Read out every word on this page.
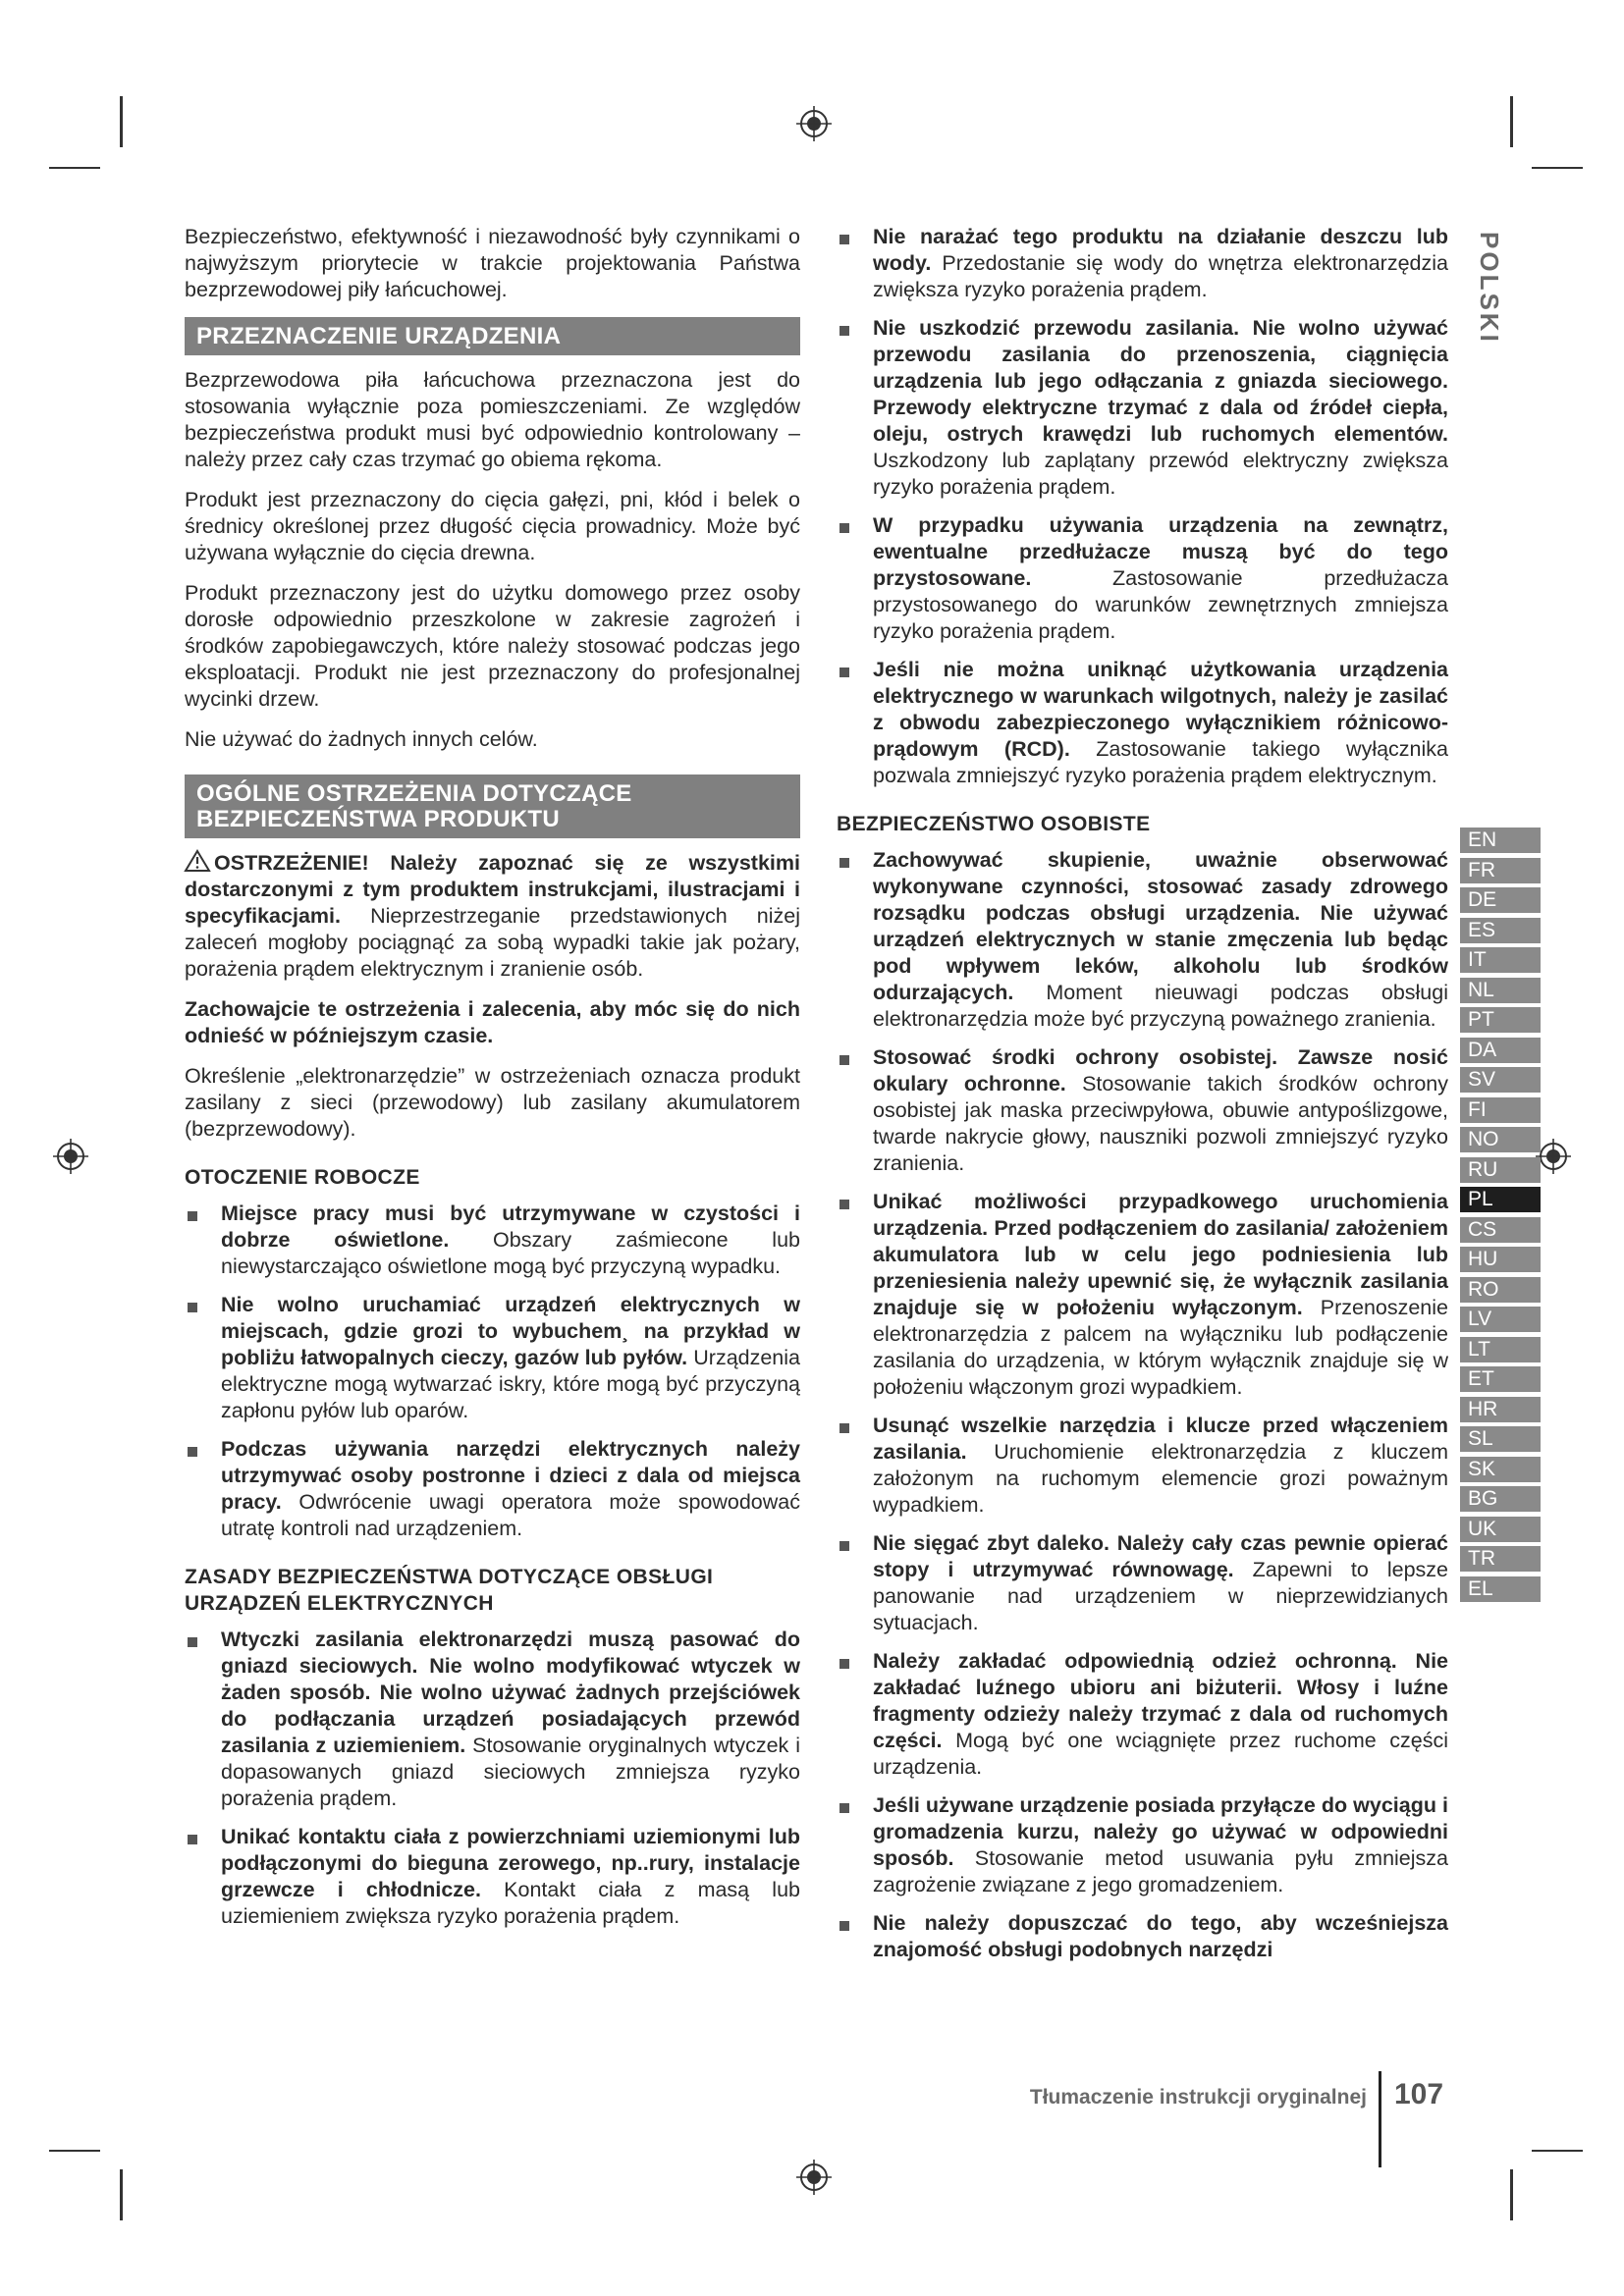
Bezpieczeństwo, efektywność i niezawodność były czynnikami o najwyższym priorytecie w trakcie projektowania Państwa bezprzewodowej piły łańcuchowej.

PRZEZNACZENIE URZĄDZENIA

Bezprzewodowa piła łańcuchowa przeznaczona jest do stosowania wyłącznie poza pomieszczeniami. Ze względów bezpieczeństwa produkt musi być odpowiednio kontrolowany – należy przez cały czas trzymać go obiema rękoma.

Produkt jest przeznaczony do cięcia gałęzi, pni, kłód i belek o średnicy określonej przez długość cięcia prowadnicy. Może być używana wyłącznie do cięcia drewna.

Produkt przeznaczony jest do użytku domowego przez osoby dorosłe odpowiednio przeszkolone w zakresie zagrożeń i środków zapobiegawczych, które należy stosować podczas jego eksploatacji. Produkt nie jest przeznaczony do profesjonalnej wycinki drzew.

Nie używać do żadnych innych celów.

OGÓLNE OSTRZEŻENIA DOTYCZĄCE
BEZPIECZEŃSTWA PRODUKTU

OSTRZEŻENIE! Należy zapoznać się ze wszystkimi dostarczonymi z tym produktem instrukcjami, ilustracjami i specyfikacjami. Nieprzestrzeganie przedstawionych niżej zaleceń mogłoby pociągnąć za sobą wypadki takie jak pożary, porażenia prądem elektrycznym i zranienie osób.

Zachowajcie te ostrzeżenia i zalecenia, aby móc się do nich odnieść w późniejszym czasie.

Określenie „elektronarzędzie” w ostrzeżeniach oznacza produkt zasilany z sieci (przewodowy) lub zasilany akumulatorem (bezprzewodowy).

OTOCZENIE ROBOCZE
Miejsce pracy musi być utrzymywane w czystości i dobrze oświetlone. Obszary zaśmiecone lub niewystarczająco oświetlone mogą być przyczyną wypadku.
Nie wolno uruchamiać urządzeń elektrycznych w miejscach, gdzie grozi to wybuchem¸ na przykład w pobliżu łatwopalnych cieczy, gazów lub pyłów. Urządzenia elektryczne mogą wytwarzać iskry, które mogą być przyczyną zapłonu pyłów lub oparów.
Podczas używania narzędzi elektrycznych należy utrzymywać osoby postronne i dzieci z dala od miejsca pracy. Odwrócenie uwagi operatora może spowodować utratę kontroli nad urządzeniem.
ZASADY BEZPIECZEŃSTWA DOTYCZĄCE OBSŁUGI URZĄDZEŃ ELEKTRYCZNYCH
Wtyczki zasilania elektronarzędzi muszą pasować do gniazd sieciowych. Nie wolno modyfikować wtyczek w żaden sposób. Nie wolno używać żadnych przejściówek do podłączania urządzeń posiadających przewód zasilania z uziemieniem. Stosowanie oryginalnych wtyczek i dopasowanych gniazd sieciowych zmniejsza ryzyko porażenia prądem.
Unikać kontaktu ciała z powierzchniami uziemionymi lub podłączonymi do bieguna zerowego, np..rury, instalacje grzewcze i chłodnicze. Kontakt ciała z masą lub uziemieniem zwiększa ryzyko porażenia prądem.
Nie narażać tego produktu na działanie deszczu lub wody. Przedostanie się wody do wnętrza elektronarzędzia zwiększa ryzyko porażenia prądem.
Nie uszkodzić przewodu zasilania. Nie wolno używać przewodu zasilania do przenoszenia, ciągnięcia urządzenia lub jego odłączania z gniazda sieciowego. Przewody elektryczne trzymać z dala od źródeł ciepła, oleju, ostrych krawędzi lub ruchomych elementów. Uszkodzony lub zaplątany przewód elektryczny zwiększa ryzyko porażenia prądem.
W przypadku używania urządzenia na zewnątrz, ewentualne przedłużacze muszą być do tego przystosowane. Zastosowanie przedłużacza przystosowanego do warunków zewnętrznych zmniejsza ryzyko porażenia prądem.
Jeśli nie można uniknąć użytkowania urządzenia elektrycznego w warunkach wilgotnych, należy je zasilać z obwodu zabezpieczonego wyłącznikiem różnicowo-prądowym (RCD). Zastosowanie takiego wyłącznika pozwala zmniejszyć ryzyko porażenia prądem elektrycznym.
BEZPIECZEŃSTWO OSOBISTE
Zachowywać skupienie, uważnie obserwować wykonywane czynności, stosować zasady zdrowego rozsądku podczas obsługi urządzenia. Nie używać urządzeń elektrycznych w stanie zmęczenia lub będąc pod wpływem leków, alkoholu lub środków odurzających. Moment nieuwagi podczas obsługi elektronarzędzia może być przyczyną poważnego zranienia.
Stosować środki ochrony osobistej. Zawsze nosić okulary ochronne. Stosowanie takich środków ochrony osobistej jak maska przeciwpyłowa, obuwie antypoślizgowe, twarde nakrycie głowy, nauszniki pozwoli zmniejszyć ryzyko zranienia.
Unikać możliwości przypadkowego uruchomienia urządzenia. Przed podłączeniem do zasilania/ założeniem akumulatora lub w celu jego podniesienia lub przeniesienia należy upewnić się, że wyłącznik zasilania znajduje się w położeniu wyłączonym. Przenoszenie elektronarzędzia z palcem na wyłączniku lub podłączenie zasilania do urządzenia, w którym wyłącznik znajduje się w położeniu włączonym grozi wypadkiem.
Usunąć wszelkie narzędzia i klucze przed włączeniem zasilania. Uruchomienie elektronarzędzia z kluczem założonym na ruchomym elemencie grozi poważnym wypadkiem.
Nie sięgać zbyt daleko. Należy cały czas pewnie opierać stopy i utrzymywać równowagę. Zapewni to lepsze panowanie nad urządzeniem w nieprzewidzianych sytuacjach.
Należy zakładać odpowiednią odzież ochronną. Nie zakładać luźnego ubioru ani biżuterii. Włosy i luźne fragmenty odzieży należy trzymać z dala od ruchomych części. Mogą być one wciągnięte przez ruchome części urządzenia.
Jeśli używane urządzenie posiada przyłącze do wyciągu i gromadzenia kurzu, należy go używać w odpowiedni sposób. Stosowanie metod usuwania pyłu zmniejsza zagrożenie związane z jego gromadzeniem.
Nie należy dopuszczać do tego, aby wcześniejsza znajomość obsługi podobnych narzędzi
POLSKI
EN
FR
DE
ES
IT
NL
PT
DA
SV
FI
NO
RU
PL
CS
HU
RO
LV
LT
ET
HR
SL
SK
BG
UK
TR
EL
Tłumaczenie instrukcji oryginalnej 107
